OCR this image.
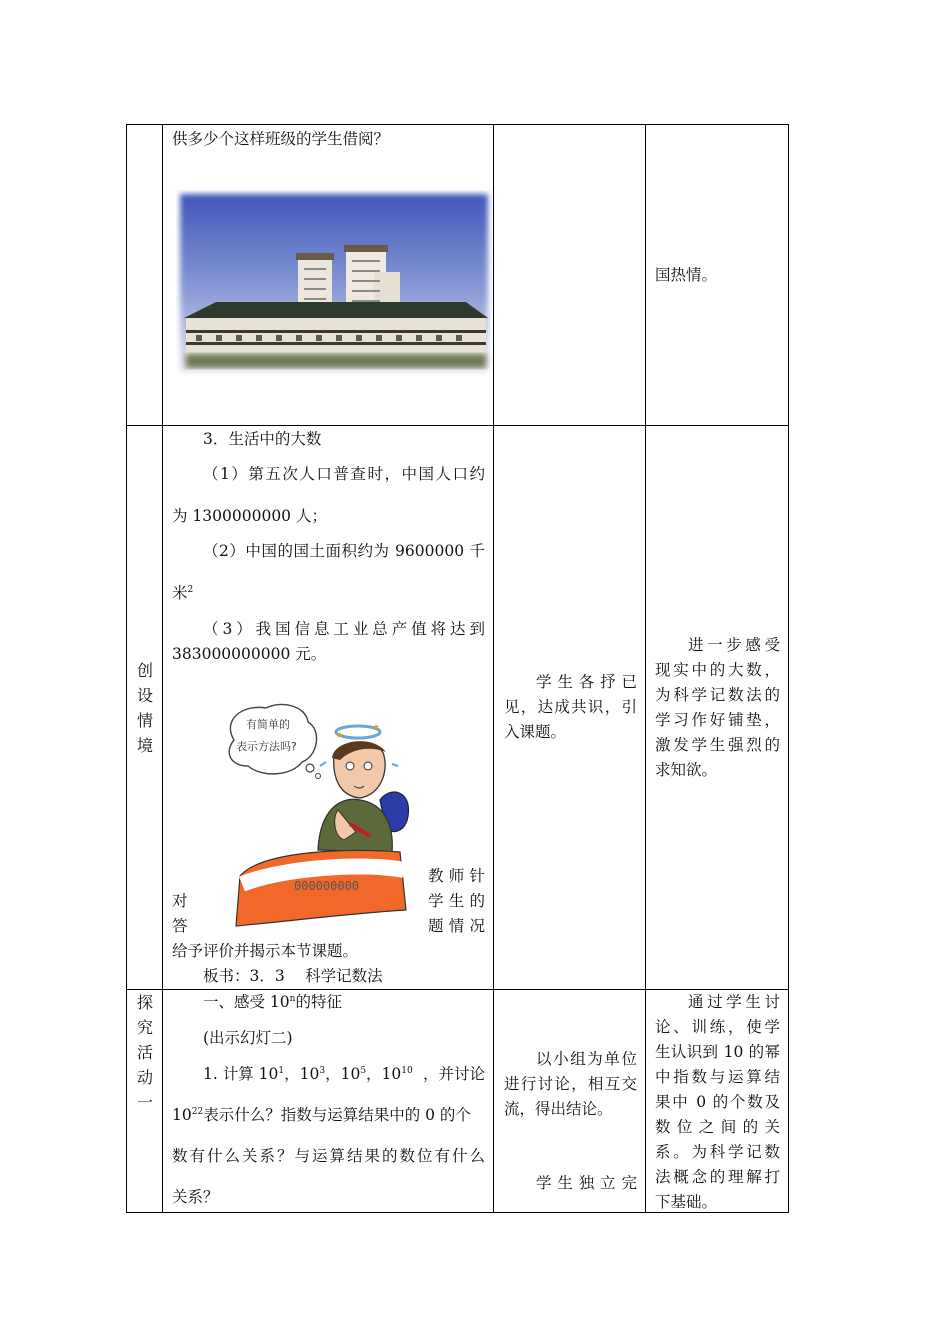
供多少个这样班级的学生借阅？
国热情。
创设情境
3．生活中的大数
（1）第五次人口普查时，中国人口约
为 1300000000 人；
（2）中国的国土面积约为 9600000 千
米$^2$
（3）我国信息工业总产值将达到
383000000000 元。
有简单的
表示方法吗?
★
★
000000000
教师针
对	学生的
答	题情况
给予评价并揭示本节课题。
板书：3．3　 科学记数法
学生各抒已
见，达成共识，引
入课题。
进一步感受
现实中的大数，
为科学记数法的
学习作好铺垫，
激发学生强烈的
求知欲。
探究活动一
一、感受 10$^n$的特征
(出示幻灯二)
1. 计算 $10^1$，$10^3$，$10^5$，$10^{10}$ ，并讨论
$10^{22}$表示什么？指数与运算结果中的 0 的个
数有什么关系？与运算结果的数位有什么
关系？
以小组为单位
进行讨论，相互交
流，得出结论。
学生独立完
通过学生讨
论、训练，使学
生认识到 10 的幂
中指数与运算结
果中 0 的个数及
数位之间的关
系。为科学记数
法概念的理解打
下基础。
